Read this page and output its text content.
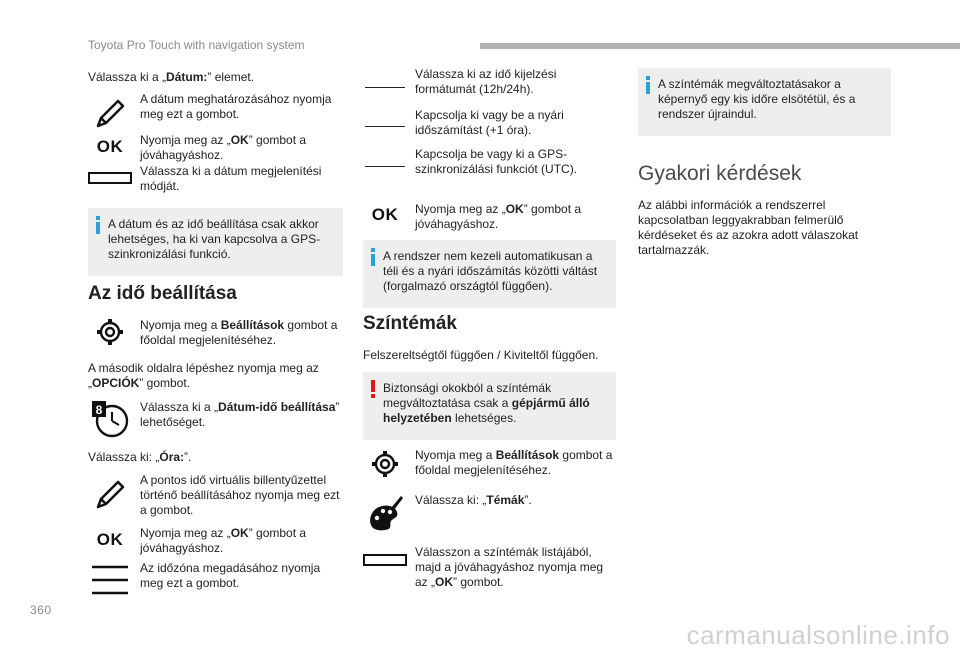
Toyota Pro Touch with navigation system
Válassza ki a „Dátum:” elemet.
A dátum meghatározásához nyomja meg ezt a gombot.
OK Nyomja meg az „OK” gombot a jóváhagyáshoz.
Válassza ki a dátum megjelenítési módját.
A dátum és az idő beállítása csak akkor lehetséges, ha ki van kapcsolva a GPS-szinkronizálási funkció.
Az idő beállítása
Nyomja meg a Beállítások gombot a főoldal megjelenítéséhez.
A második oldalra lépéshez nyomja meg az „OPCIÓK” gombot.
8	Válassza ki a „Dátum-idő beállítása” lehetőséget.
Válassza ki: „Óra:”.
A pontos idő virtuális billentyűzettel történő beállításához nyomja meg ezt a gombot.
OK Nyomja meg az „OK” gombot a jóváhagyáshoz.
Az időzóna megadásához nyomja meg ezt a gombot.
Válassza ki az idő kijelzési formátumát (12h/24h).
Kapcsolja ki vagy be a nyári időszámítást (+1 óra).
Kapcsolja be vagy ki a GPS-szinkronizálási funkciót (UTC).
OK Nyomja meg az „OK” gombot a jóváhagyáshoz.
A rendszer nem kezeli automatikusan a téli és a nyári időszámítás közötti váltást (forgalmazó országtól függően).
Színtémák
Felszereltségtől függően / Kiviteltől függően.
Biztonsági okokból a színtémák megváltoztatása csak a gépjármű álló helyzetében lehetséges.
Nyomja meg a Beállítások gombot a főoldal megjelenítéséhez.
Válassza ki: „Témák”.
Válasszon a színtémák listájából, majd a jóváhagyáshoz nyomja meg az „OK” gombot.
A színtémák megváltoztatásakor a képernyő egy kis időre elsötétül, és a rendszer újraindul.
Gyakori kérdések
Az alábbi információk a rendszerrel kapcsolatban leggyakrabban felmerülő kérdéseket és az azokra adott válaszokat tartalmazzák.
360
carmanualsonline.info
